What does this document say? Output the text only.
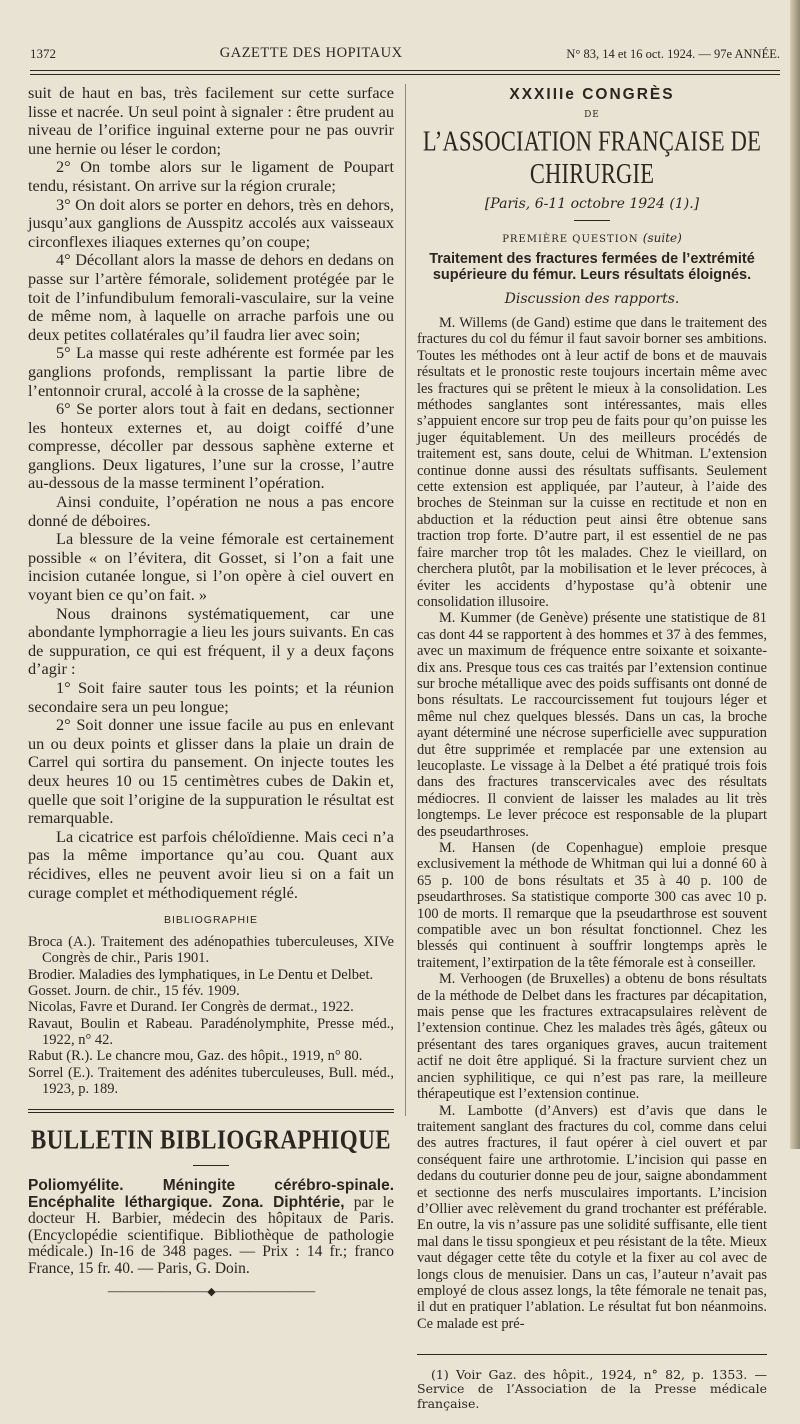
1372	GAZETTE DES HOPITAUX	N° 83, 14 et 16 oct. 1924. — 97e ANNÉE.

suit de haut en bas, très facilement sur cette surface lisse et nacrée. Un seul point à signaler : être prudent au niveau de l’orifice inguinal externe pour ne pas ouvrir une hernie ou léser le cordon;

2° On tombe alors sur le ligament de Poupart tendu, résistant. On arrive sur la région crurale;

3° On doit alors se porter en dehors, très en dehors, jusqu’aux ganglions de Ausspitz accolés aux vaisseaux circonflexes iliaques externes qu’on coupe;

4° Décollant alors la masse de dehors en dedans on passe sur l’artère fémorale, solidement protégée par le toit de l’infundibulum femorali-vasculaire, sur la veine de même nom, à laquelle on arrache parfois une ou deux petites collatérales qu’il faudra lier avec soin;

5° La masse qui reste adhérente est formée par les ganglions profonds, remplissant la partie libre de l’entonnoir crural, accolé à la crosse de la saphène;

6° Se porter alors tout à fait en dedans, sectionner les honteux externes et, au doigt coiffé d’une compresse, décoller par dessous saphène externe et ganglions. Deux ligatures, l’une sur la crosse, l’autre au-dessous de la masse terminent l’opération.

Ainsi conduite, l’opération ne nous a pas encore donné de déboires.

La blessure de la veine fémorale est certainement possible « on l’évitera, dit Gosset, si l’on a fait une incision cutanée longue, si l’on opère à ciel ouvert en voyant bien ce qu’on fait. »

Nous drainons systématiquement, car une abondante lymphorragie a lieu les jours suivants. En cas de suppuration, ce qui est fréquent, il y a deux façons d’agir :

1° Soit faire sauter tous les points; et la réunion secondaire sera un peu longue;

2° Soit donner une issue facile au pus en enlevant un ou deux points et glisser dans la plaie un drain de Carrel qui sortira du pansement. On injecte toutes les deux heures 10 ou 15 centimètres cubes de Dakin et, quelle que soit l’origine de la suppuration le résultat est remarquable.

La cicatrice est parfois chéloïdienne. Mais ceci n’a pas la même importance qu’au cou. Quant aux récidives, elles ne peuvent avoir lieu si on a fait un curage complet et méthodiquement réglé.

BIBLIOGRAPHIE

Broca (A.). Traitement des adénopathies tuberculeuses, XIVe Congrès de chir., Paris 1901.

Brodier. Maladies des lymphatiques, in Le Dentu et Delbet.

Gosset. Journ. de chir., 15 fév. 1909.

Nicolas, Favre et Durand. Ier Congrès de dermat., 1922.

Ravaut, Boulin et Rabeau. Paradénolymphite, Presse méd., 1922, n° 42.

Rabut (R.). Le chancre mou, Gaz. des hôpit., 1919, n° 80.

Sorrel (E.). Traitement des adénites tuberculeuses, Bull. méd., 1923, p. 189.

BULLETIN BIBLIOGRAPHIQUE

Poliomyélite. Méningite cérébro-spinale. Encéphalite léthargique. Zona. Diphtérie, par le docteur H. Barbier, médecin des hôpitaux de Paris. (Encyclopédie scientifique. Bibliothèque de pathologie médicale.) In-16 de 348 pages. — Prix : 14 fr.; franco France, 15 fr. 40. — Paris, G. Doin.

——————————◆——————————
XXXIIIe CONGRÈS
DE
L’ASSOCIATION FRANÇAISE DE CHIRURGIE
[Paris, 6-11 octobre 1924 (1).]
PREMIÈRE QUESTION (suite)
Traitement des fractures fermées de l’extrémité supérieure du fémur. Leurs résultats éloignés.
Discussion des rapports.

M. Willems (de Gand) estime que dans le traitement des fractures du col du fémur il faut savoir borner ses ambitions. Toutes les méthodes ont à leur actif de bons et de mauvais résultats et le pronostic reste toujours incertain même avec les fractures qui se prêtent le mieux à la consolidation. Les méthodes sanglantes sont intéressantes, mais elles s’appuient encore sur trop peu de faits pour qu’on puisse les juger équitablement. Un des meilleurs procédés de traitement est, sans doute, celui de Whitman. L’extension continue donne aussi des résultats suffisants. Seulement cette extension est appliquée, par l’auteur, à l’aide des broches de Steinman sur la cuisse en rectitude et non en abduction et la réduction peut ainsi être obtenue sans traction trop forte. D’autre part, il est essentiel de ne pas faire marcher trop tôt les malades. Chez le vieillard, on cherchera plutôt, par la mobilisation et le lever précoces, à éviter les accidents d’hypostase qu’à obtenir une consolidation illusoire.

M. Kummer (de Genève) présente une statistique de 81 cas dont 44 se rapportent à des hommes et 37 à des femmes, avec un maximum de fréquence entre soixante et soixante-dix ans. Presque tous ces cas traités par l’extension continue sur broche métallique avec des poids suffisants ont donné de bons résultats. Le raccourcissement fut toujours léger et même nul chez quelques blessés. Dans un cas, la broche ayant déterminé une nécrose superficielle avec suppuration dut être supprimée et remplacée par une extension au leucoplaste. Le vissage à la Delbet a été pratiqué trois fois dans des fractures transcervicales avec des résultats médiocres. Il convient de laisser les malades au lit très longtemps. Le lever précoce est responsable de la plupart des pseudarthroses.

M. Hansen (de Copenhague) emploie presque exclusivement la méthode de Whitman qui lui a donné 60 à 65 p. 100 de bons résultats et 35 à 40 p. 100 de pseudarthroses. Sa statistique comporte 300 cas avec 10 p. 100 de morts. Il remarque que la pseudarthrose est souvent compatible avec un bon résultat fonctionnel. Chez les blessés qui continuent à souffrir longtemps après le traitement, l’extirpation de la tête fémorale est à conseiller.

M. Verhoogen (de Bruxelles) a obtenu de bons résultats de la méthode de Delbet dans les fractures par décapitation, mais pense que les fractures extracapsulaires relèvent de l’extension continue. Chez les malades très âgés, gâteux ou présentant des tares organiques graves, aucun traitement actif ne doit être appliqué. Si la fracture survient chez un ancien syphilitique, ce qui n’est pas rare, la meilleure thérapeutique est l’extension continue.

M. Lambotte (d’Anvers) est d’avis que dans le traitement sanglant des fractures du col, comme dans celui des autres fractures, il faut opérer à ciel ouvert et par conséquent faire une arthrotomie. L’incision qui passe en dedans du couturier donne peu de jour, saigne abondamment et sectionne des nerfs musculaires importants. L’incision d’Ollier avec relèvement du grand trochanter est préférable. En outre, la vis n’assure pas une solidité suffisante, elle tient mal dans le tissu spongieux et peu résistant de la tête. Mieux vaut dégager cette tête du cotyle et la fixer au col avec de longs clous de menuisier. Dans un cas, l’auteur n’avait pas employé de clous assez longs, la tête fémorale ne tenait pas, il dut en pratiquer l’ablation. Le résultat fut bon néanmoins. Ce malade est pré-

(1) Voir Gaz. des hôpit., 1924, n° 82, p. 1353. — Service de l’Association de la Presse médicale française.
